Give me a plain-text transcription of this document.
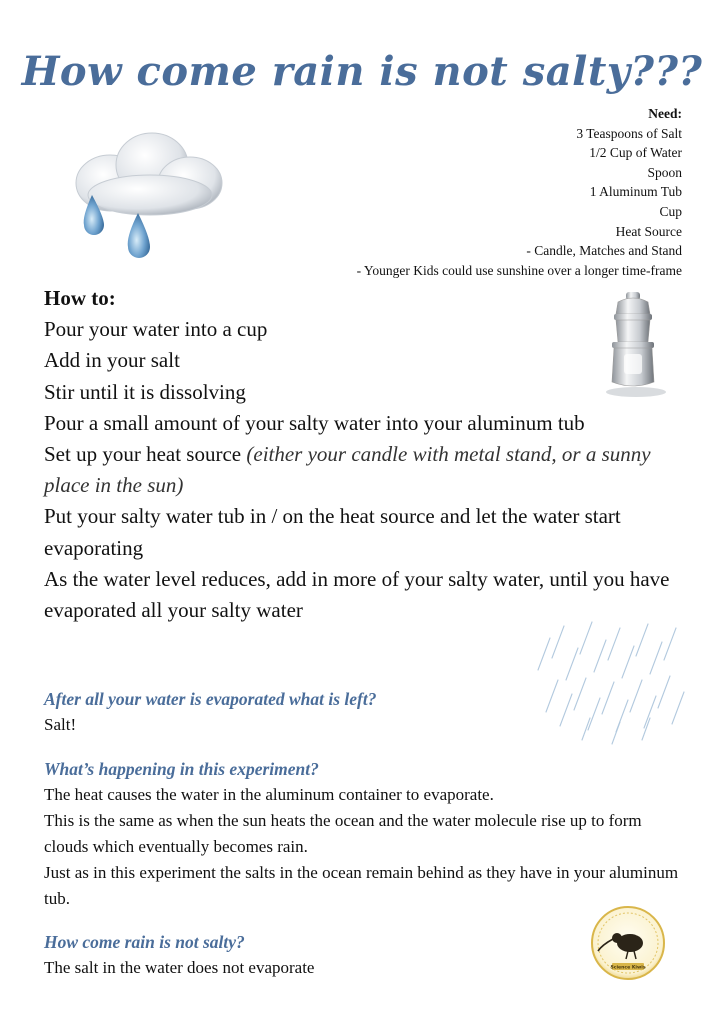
How come rain is not salty???
Need:
3 Teaspoons of Salt
1/2 Cup of Water
Spoon
1 Aluminum Tub
Cup
Heat Source
- Candle, Matches and Stand
- Younger Kids could use sunshine over a longer time-frame
How to:
Pour your water into a cup
Add in your salt
Stir until it is dissolving
Pour a small amount of your salty water into your aluminum tub
Set up your heat source (either your candle with metal stand, or a sunny place in the sun)
Put your salty water tub in / on the heat source and let the water start evaporating
As the water level reduces, add in more of your salty water, until you have evaporated all your salty water
After all your water is evaporated what is left?
Salt!
What’s happening in this experiment?
The heat causes the water in the aluminum container to evaporate.
This is the same as when the sun heats the ocean and the water molecule rise up to form clouds which eventually becomes rain.
Just as in this experiment the salts in the ocean remain behind as they have in your aluminum tub.
How come rain is not salty?
The salt in the water does not evaporate	Science Kiwis
